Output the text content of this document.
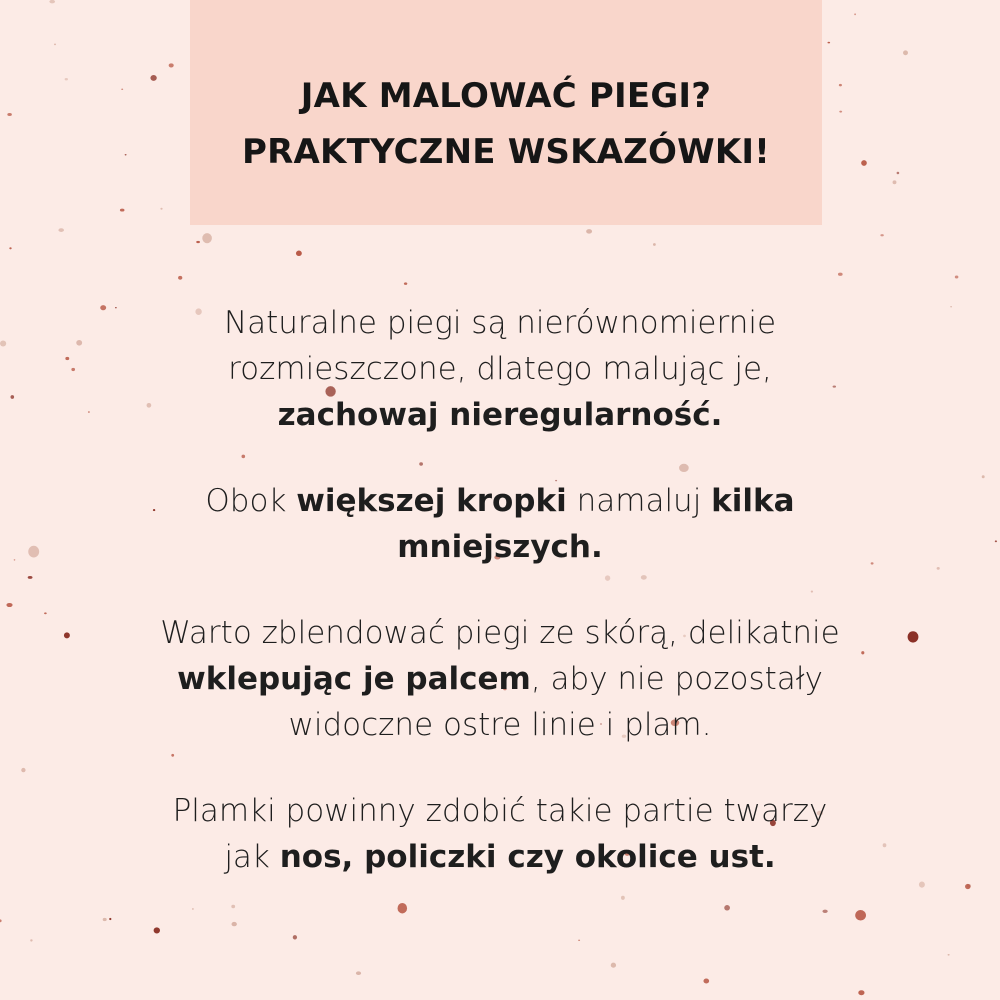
JAK MALOWAĆ PIEGI?
PRAKTYCZNE WSKAZÓWKI!
Naturalne piegi są nierównomiernie
rozmieszczone, dlatego malując je,
zachowaj nieregularność.
Obok większej kropki namaluj kilka
mniejszych.
Warto zblendować piegi ze skórą, delikatnie
wklepując je palcem, aby nie pozostały
widoczne ostre linie i plam.
Plamki powinny zdobić takie partie twarzy
jak nos, policzki czy okolice ust.
